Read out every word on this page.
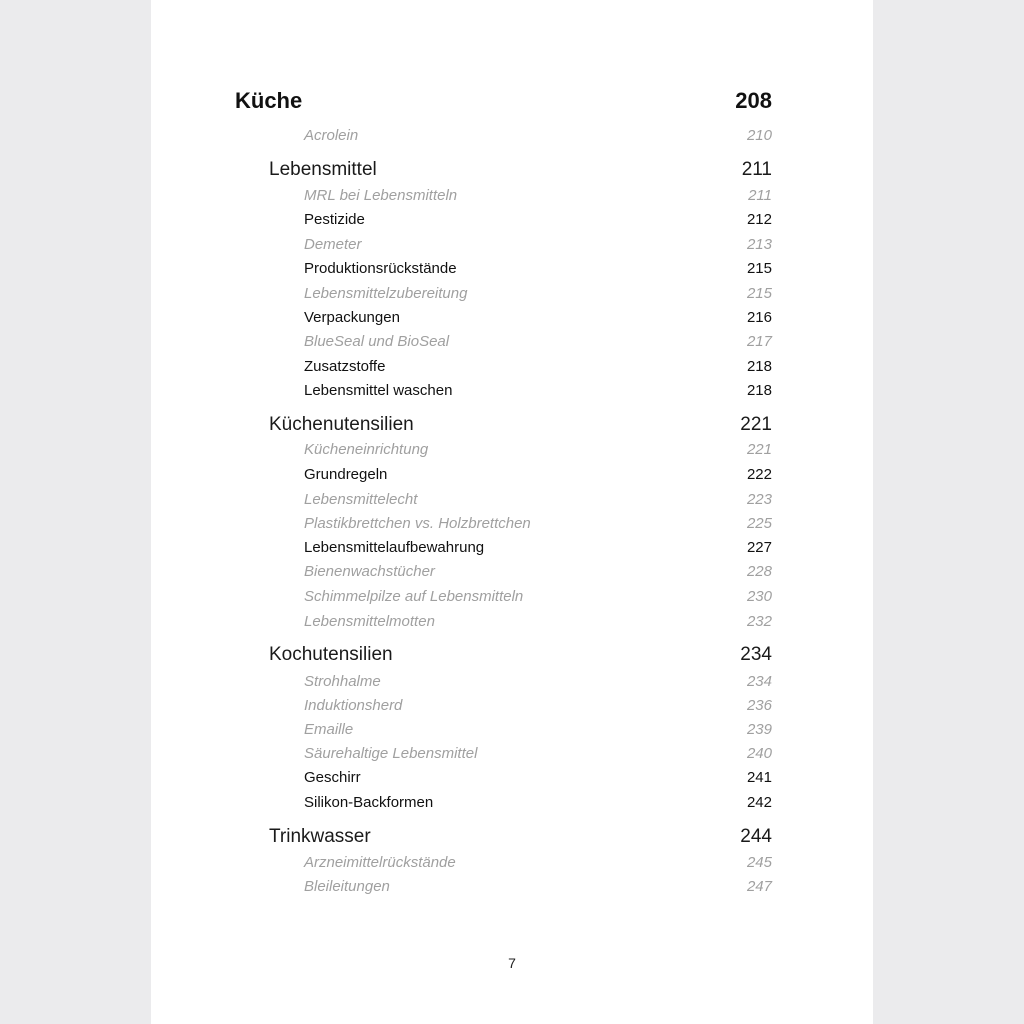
Küche	208
Acrolein	210
Lebensmittel	211
MRL bei Lebensmitteln	211
Pestizide	212
Demeter	213
Produktionsrückstände	215
Lebensmittelzubereitung	215
Verpackungen	216
BlueSeal und BioSeal	217
Zusatzstoffe	218
Lebensmittel waschen	218
Küchenutensilien	221
Kücheneinrichtung	221
Grundregeln	222
Lebensmittelecht	223
Plastikbrettchen vs. Holzbrettchen	225
Lebensmittelaufbewahrung	227
Bienenwachstücher	228
Schimmelpilze auf Lebensmitteln	230
Lebensmittelmotten	232
Kochutensilien	234
Strohhalme	234
Induktionsherd	236
Emaille	239
Säurehaltige Lebensmittel	240
Geschirr	241
Silikon-Backformen	242
Trinkwasser	244
Arzneimittelrückstände	245
Bleileitungen	247
7
